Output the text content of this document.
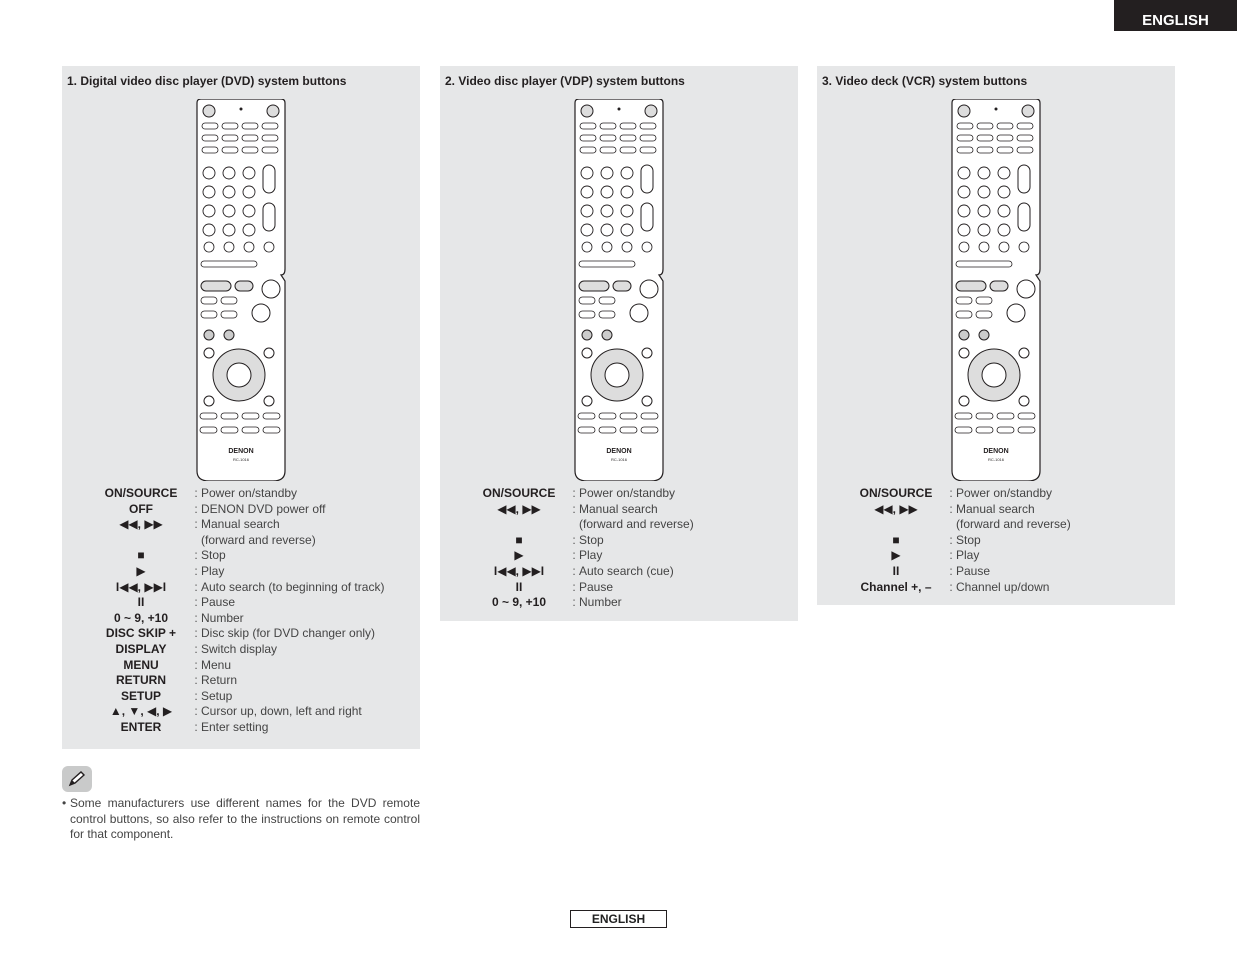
ENGLISH
1. Digital video disc player (DVD) system buttons
DENON
RC-1016
ON/SOURCE	: Power on/standby
OFF	: DENON DVD power off
◀◀, ▶▶	: Manual search
(forward and reverse)
■	: Stop
▶	: Play
I◀◀, ▶▶I	: Auto search (to beginning of track)
II	: Pause
0 ~ 9, +10	: Number
DISC SKIP +	: Disc skip (for DVD changer only)
DISPLAY	: Switch display
MENU	: Menu
RETURN	: Return
SETUP	: Setup
▲, ▼, ◀, ▶	: Cursor up, down, left and right
ENTER	: Enter setting
2. Video disc player (VDP) system buttons
DENON
RC-1016
ON/SOURCE	: Power on/standby
◀◀, ▶▶	: Manual search
(forward and reverse)
■	: Stop
▶	: Play
I◀◀, ▶▶I	: Auto search (cue)
II	: Pause
0 ~ 9, +10	: Number
3. Video deck (VCR) system buttons
DENON
RC-1016
ON/SOURCE	: Power on/standby
◀◀, ▶▶	: Manual search
(forward and reverse)
■	: Stop
▶	: Play
II	: Pause
Channel +, –	: Channel up/down
• Some manufacturers use different names for the DVD remote control buttons, so also refer to the instructions on remote control for that component.
ENGLISH
